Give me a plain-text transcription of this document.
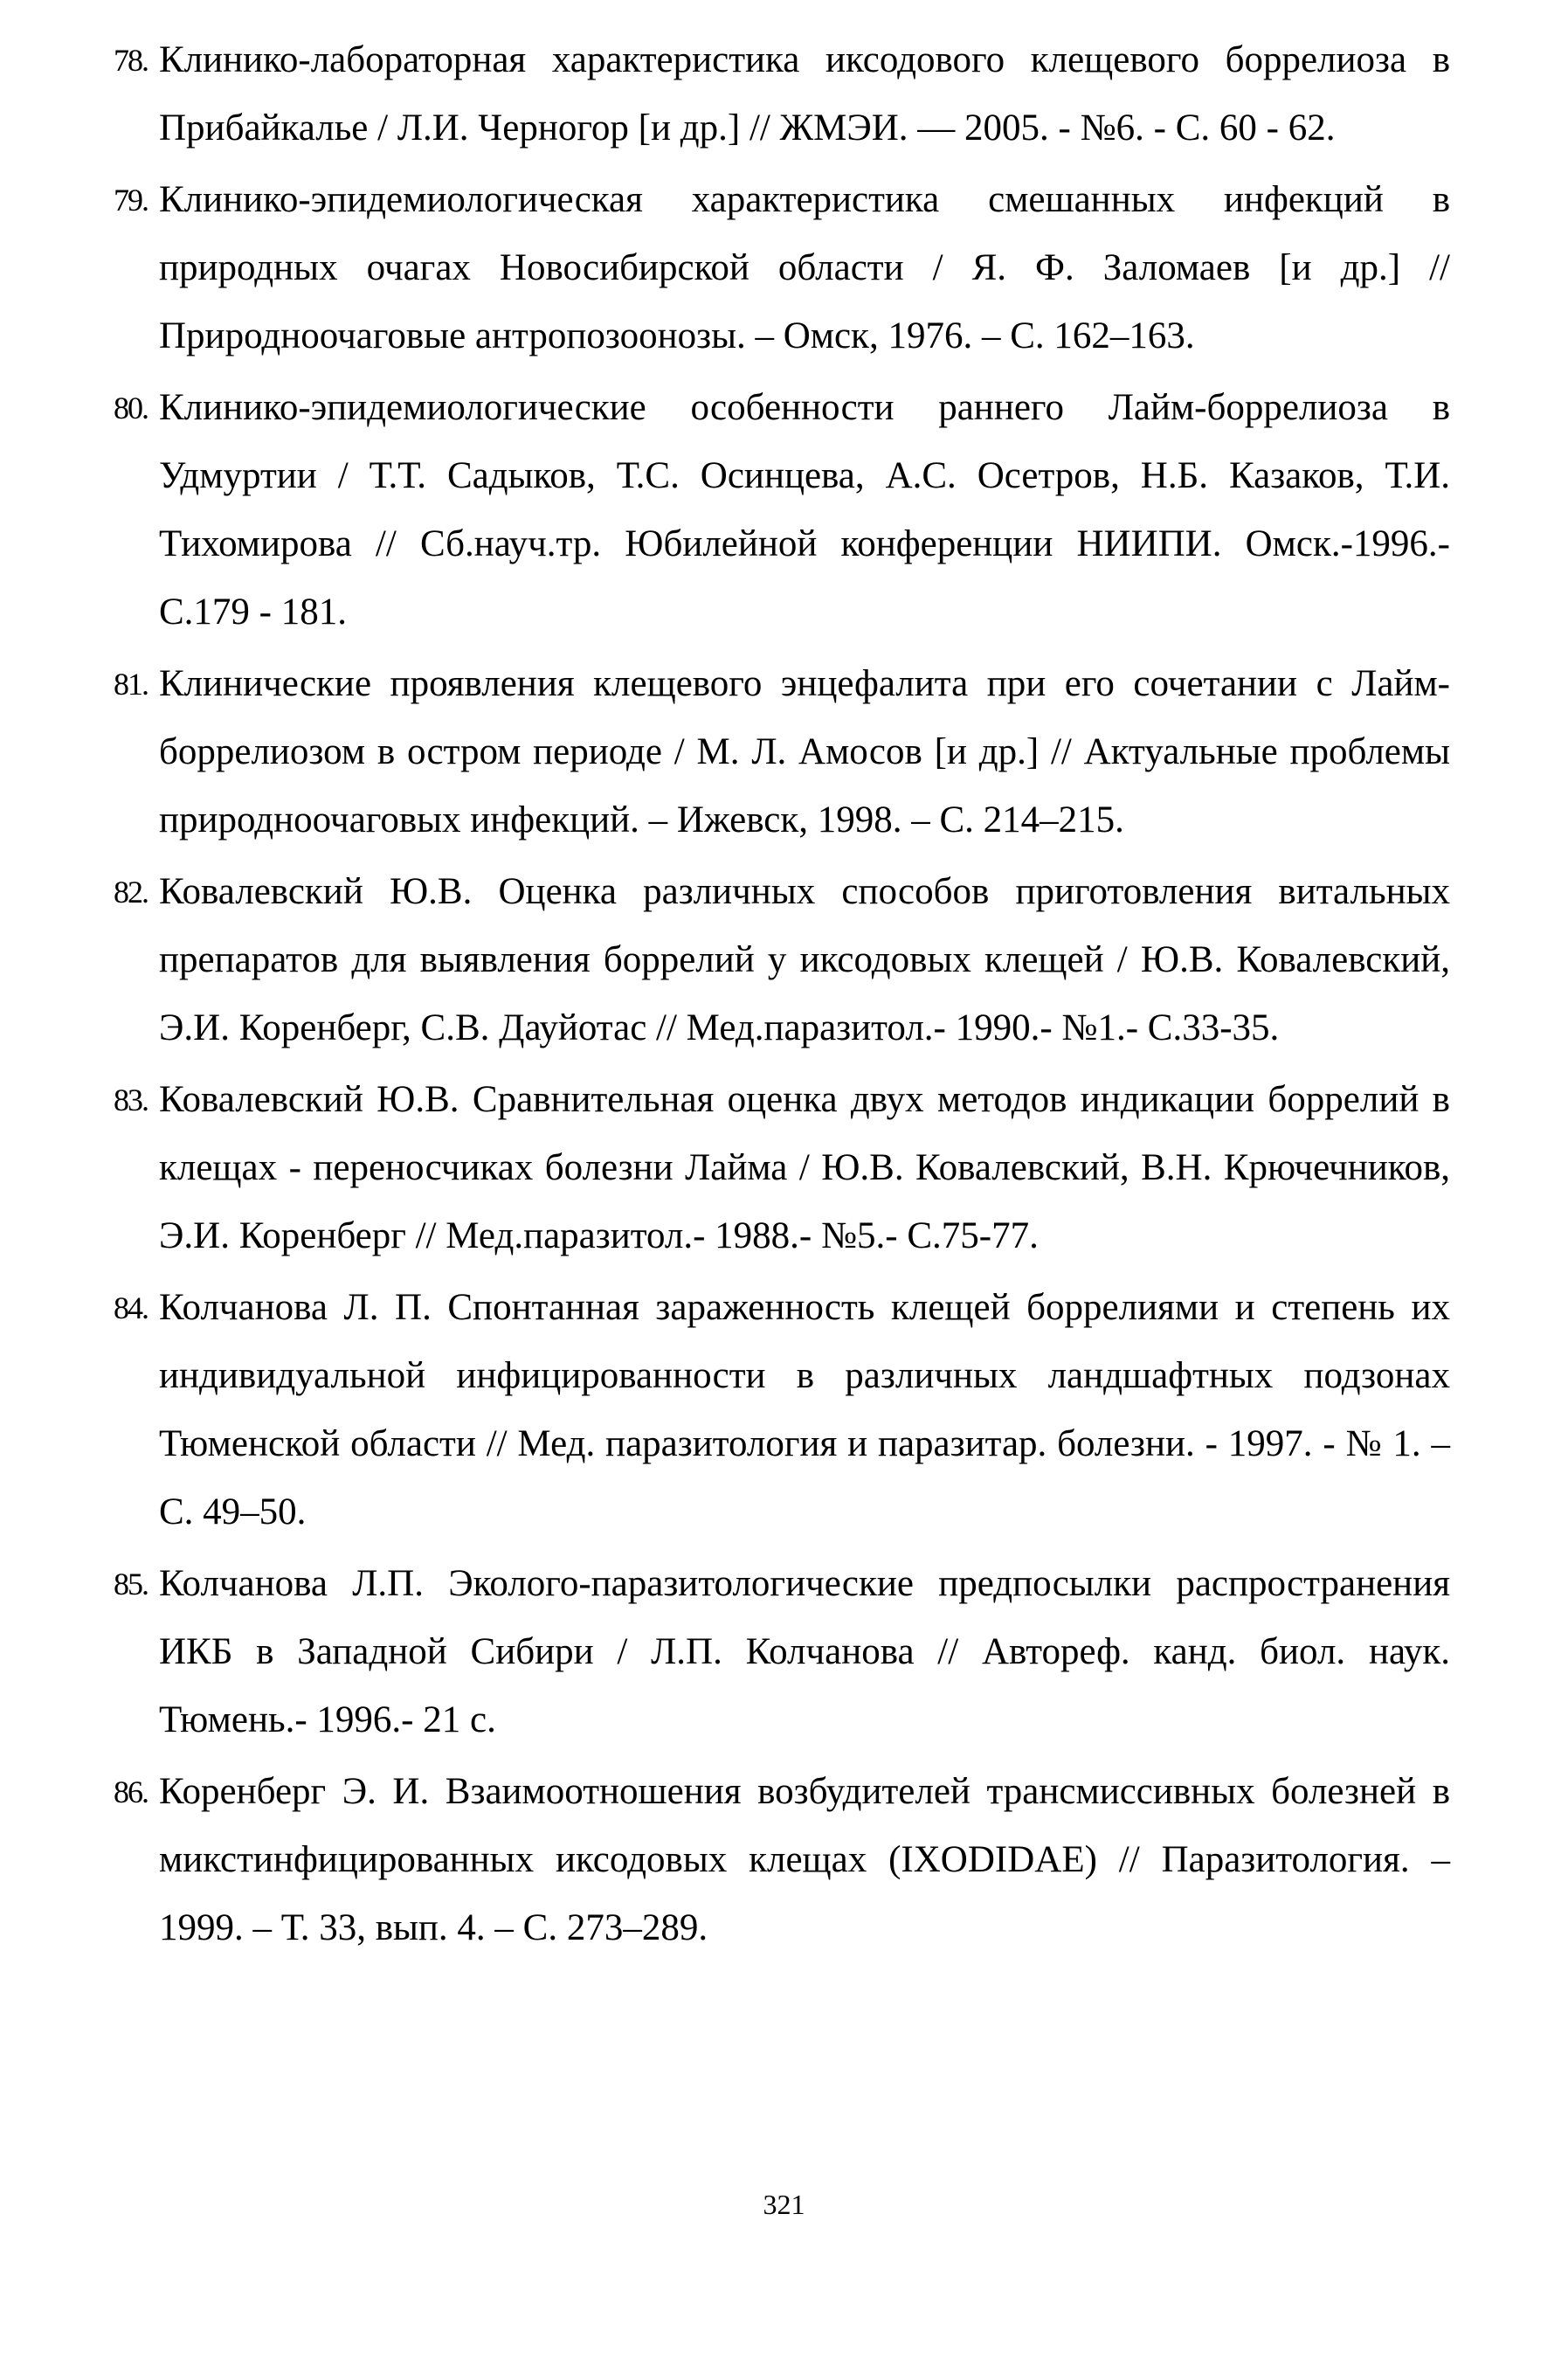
78. Клинико-лабораторная характеристика иксодового клещевого боррелиоза в Прибайкалье / Л.И. Черногор [и др.] // ЖМЭИ. — 2005. - №6. - С. 60 - 62.
79. Клинико-эпидемиологическая характеристика смешанных инфекций в природных очагах Новосибирской области / Я. Ф. Заломаев [и др.] // Природноочаговые антропозоонозы. – Омск, 1976. – С. 162–163.
80. Клинико-эпидемиологические особенности раннего Лайм-боррелиоза в Удмуртии / Т.Т. Садыков, Т.С. Осинцева, А.С. Осетров, Н.Б. Казаков, Т.И. Тихомирова // Сб.науч.тр. Юбилейной конференции НИИПИ. Омск.-1996.- С.179 - 181.
81. Клинические проявления клещевого энцефалита при его сочетании с Лайм-боррелиозом в остром периоде / М. Л. Амосов [и др.] // Актуальные проблемы природноочаговых инфекций. – Ижевск, 1998. – С. 214–215.
82. Ковалевский Ю.В. Оценка различных способов приготовления витальных препаратов для выявления боррелий у иксодовых клещей / Ю.В. Ковалевский, Э.И. Коренберг, С.В. Дауйотас // Мед.паразитол.- 1990.- №1.- С.33-35.
83. Ковалевский Ю.В. Сравнительная оценка двух методов индикации боррелий в клещах - переносчиках болезни Лайма / Ю.В. Ковалевский, В.Н. Крючечников, Э.И. Коренберг // Мед.паразитол.- 1988.- №5.- С.75-77.
84. Колчанова Л. П. Спонтанная зараженность клещей боррелиями и степень их индивидуальной инфицированности в различных ландшафтных подзонах Тюменской области // Мед. паразитология и паразитар. болезни. - 1997. - № 1. – С. 49–50.
85. Колчанова Л.П. Эколого-паразитологические предпосылки распространения ИКБ в Западной Сибири / Л.П. Колчанова // Автореф. канд. биол. наук. Тюмень.- 1996.- 21 с.
86. Коренберг Э. И. Взаимоотношения возбудителей трансмиссивных болезней в микстинфицированных иксодовых клещах (IXODIDAE) // Паразитология. – 1999. – Т. 33, вып. 4. – С. 273–289.
321
